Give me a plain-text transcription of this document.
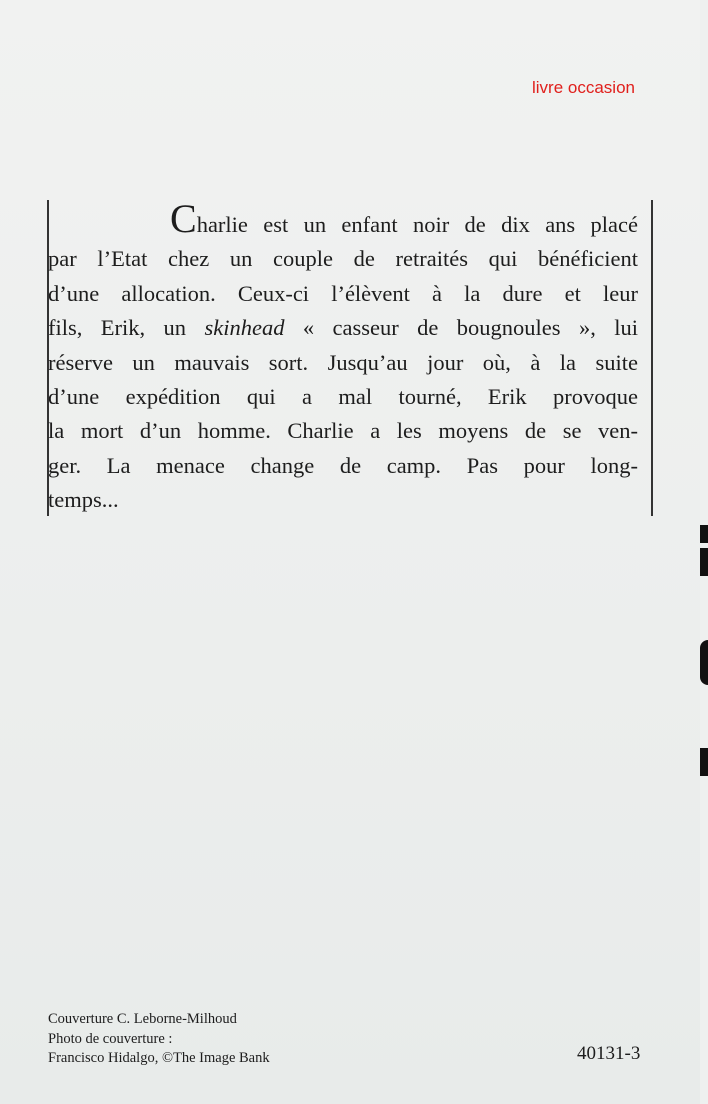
livre occasion
Charlie est un enfant noir de dix ans placé
par l’Etat chez un couple de retraités qui bénéficient
d’une allocation. Ceux-ci l’élèvent à la dure et leur
fils, Erik, un skinhead « casseur de bougnoules », lui
réserve un mauvais sort. Jusqu’au jour où, à la suite
d’une expédition qui a mal tourné, Erik provoque
la mort d’un homme. Charlie a les moyens de se ven-
ger. La menace change de camp. Pas pour long-
temps...
Couverture C. Leborne-Milhoud
Photo de couverture :
Francisco Hidalgo, ©The Image Bank	40131-3
